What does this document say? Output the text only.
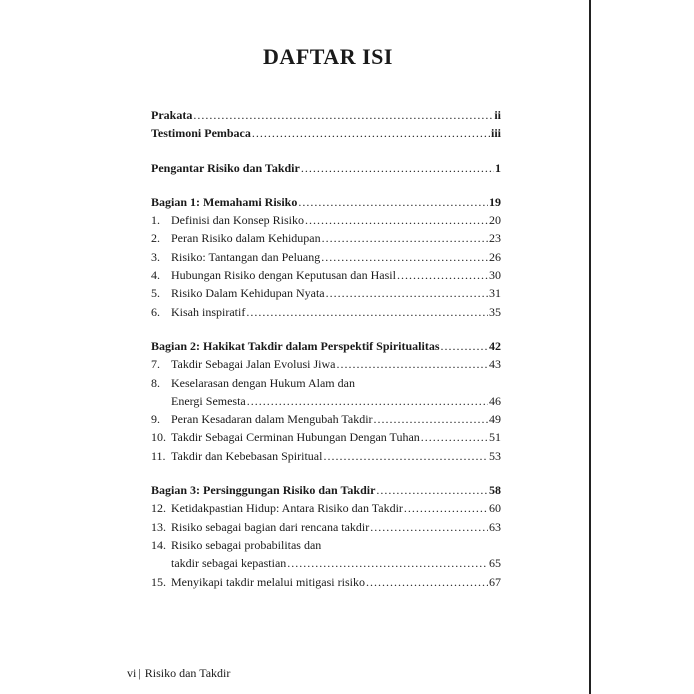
DAFTAR ISI
Prakata .....	ii
Testimoni Pembaca .....	iii
Pengantar Risiko dan Takdir .....	1
Bagian 1: Memahami Risiko .....	19
1. Definisi dan Konsep Risiko .....	20
2. Peran Risiko dalam Kehidupan .....	23
3. Risiko: Tantangan dan Peluang .....	26
4. Hubungan Risiko dengan Keputusan dan Hasil .....	30
5. Risiko Dalam Kehidupan Nyata .....	31
6. Kisah inspiratif .....	35
Bagian 2: Hakikat Takdir dalam Perspektif Spiritualitas .....	42
7. Takdir Sebagai Jalan Evolusi Jiwa .....	43
8. Keselarasan dengan Hukum Alam dan
Energi Semesta .....	46
9. Peran Kesadaran dalam Mengubah Takdir .....	49
10. Takdir Sebagai Cerminan Hubungan Dengan Tuhan .....	51
11. Takdir dan Kebebasan Spiritual .....	53
Bagian 3: Persinggungan Risiko dan Takdir .....	58
12. Ketidakpastian Hidup: Antara Risiko dan Takdir .....	60
13. Risiko sebagai bagian dari rencana takdir .....	63
14. Risiko sebagai probabilitas dan
takdir sebagai kepastian .....	65
15. Menyikapi takdir melalui mitigasi risiko .....	67
vi | Risiko dan Takdir
